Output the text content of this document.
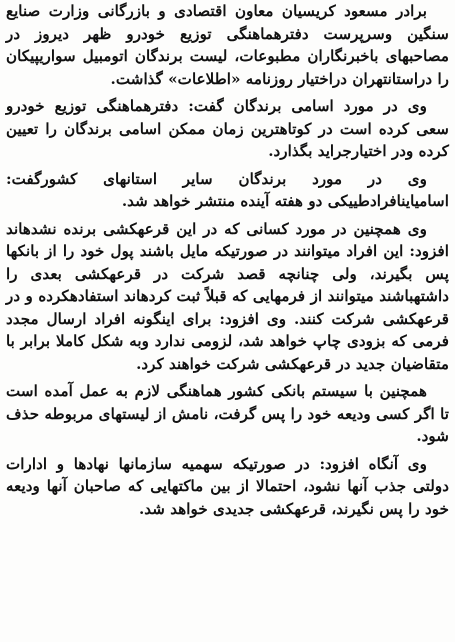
برادر مسعود کریسیان معاون اقتصادی و بازرگانی وزارت صنایع سنگین وسرپرست دفترهماهنگی توزیع خودرو ظهر دیروز در مصاحبهای باخبرنگاران مطبوعات، لیست برندگان اتومبیل سواریپیکان را دراستانتهران دراختیار روزنامه «اطلاعات» گذاشت.

وی در مورد اسامی برندگان گفت: دفترهماهنگی توزیع خودرو سعی کرده است در کوتاهترین زمان ممکن اسامی برندگان را تعیین کرده ودر اختیارجراید بگذارد.

وی در مورد برندگان سایر استانهای کشورگفت: اسامیاینافرادطییکی دو هفته آینده منتشر خواهد شد.

وی همچنین در مورد کسانی که در این قرعهکشی برنده نشدهاند افزود: این افراد میتوانند در صورتیکه مایل باشند پول خود را از بانکها پس بگیرند، ولی چنانچه قصد شرکت در قرعهکشی بعدی را داشتهباشند میتوانند از فرمهایی که قبلاً ثبت کردهاند استفادهکرده و در قرعهکشی شرکت کنند. وی افزود: برای اینگونه افراد ارسال مجدد فرمی که بزودی چاپ خواهد شد، لزومی ندارد وبه شکل کاملا برابر با متقاضیان جدید در قرعهکشی شرکت خواهند کرد.

همچنین با سیستم بانکی کشور هماهنگی لازم به عمل آمده است تا اگر کسی ودیعه خود را پس گرفت، نامش از لیستهای مربوطه حذف شود.

وی آنگاه افزود: در صورتیکه سهمیه سازمانها نهادها و ادارات دولتی جذب آنها نشود، احتمالا از بین ماکتهایی که صاحبان آنها ودیعه خود را پس نگیرند، قرعهکشی جدیدی خواهد شد.
